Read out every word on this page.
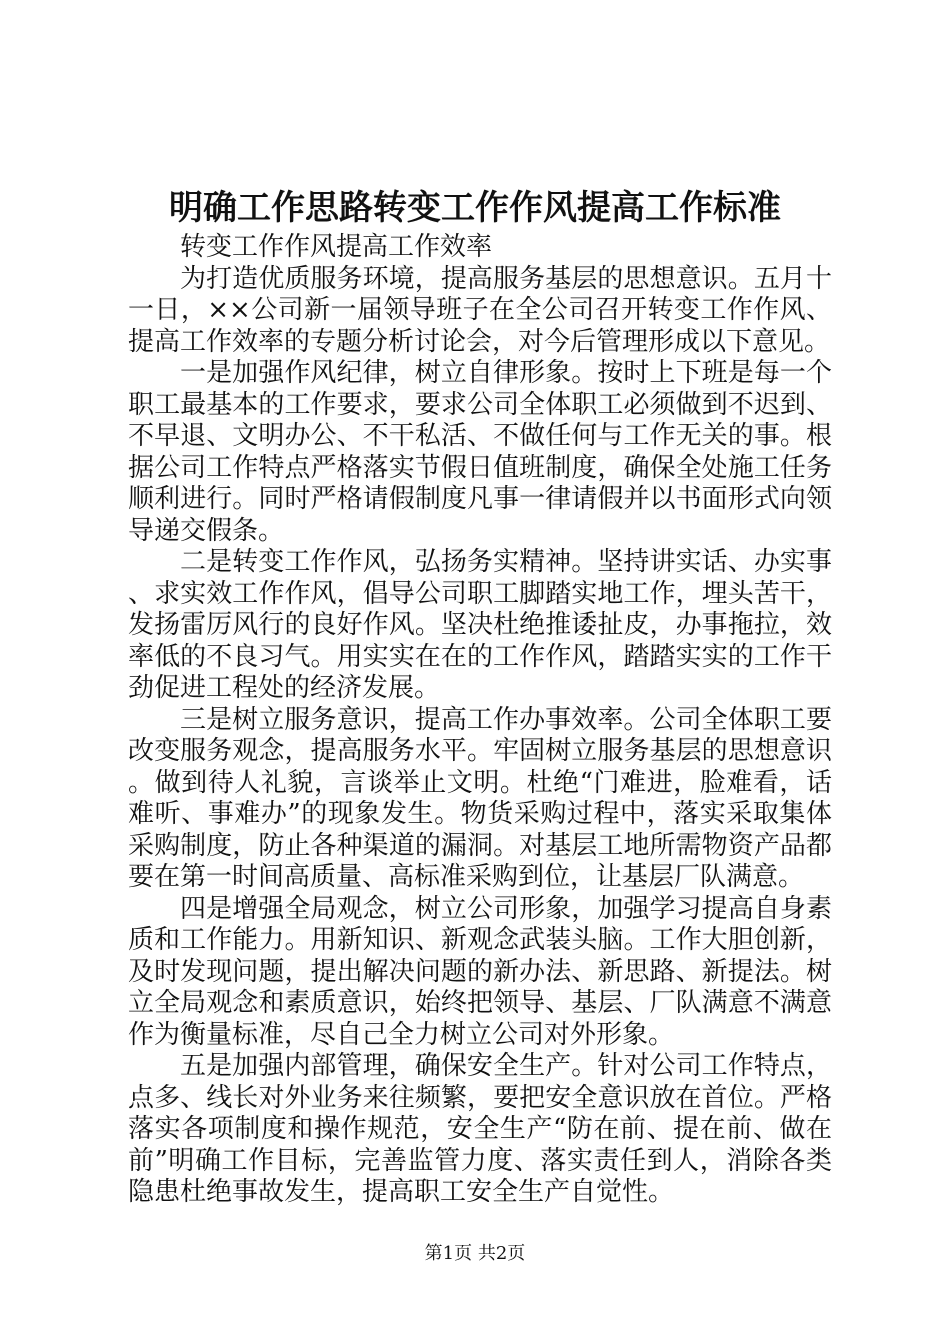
明确工作思路转变工作作风提高工作标准

转变工作作风提高工作效率

为打造优质服务环境，提高服务基层的思想意识。五月十一日，××公司新一届领导班子在全公司召开转变工作作风、提高工作效率的专题分析讨论会，对今后管理形成以下意见。

一是加强作风纪律，树立自律形象。按时上下班是每一个职工最基本的工作要求，要求公司全体职工必须做到不迟到、不早退、文明办公、不干私活、不做任何与工作无关的事。根据公司工作特点严格落实节假日值班制度，确保全处施工任务顺利进行。同时严格请假制度凡事一律请假并以书面形式向领导递交假条。

二是转变工作作风，弘扬务实精神。坚持讲实话、办实事、求实效工作作风，倡导公司职工脚踏实地工作，埋头苦干，发扬雷厉风行的良好作风。坚决杜绝推诿扯皮，办事拖拉，效率低的不良习气。用实实在在的工作作风，踏踏实实的工作干劲促进工程处的经济发展。

三是树立服务意识，提高工作办事效率。公司全体职工要改变服务观念，提高服务水平。牢固树立服务基层的思想意识。做到待人礼貌，言谈举止文明。杜绝“门难进，脸难看，话难听、事难办”的现象发生。物货采购过程中，落实采取集体采购制度，防止各种渠道的漏洞。对基层工地所需物资产品都要在第一时间高质量、高标准采购到位，让基层厂队满意。

四是增强全局观念，树立公司形象，加强学习提高自身素质和工作能力。用新知识、新观念武装头脑。工作大胆创新，及时发现问题，提出解决问题的新办法、新思路、新提法。树立全局观念和素质意识，始终把领导、基层、厂队满意不满意作为衡量标准，尽自己全力树立公司对外形象。

五是加强内部管理，确保安全生产。针对公司工作特点，点多、线长对外业务来往频繁，要把安全意识放在首位。严格落实各项制度和操作规范，安全生产“防在前、提在前、做在前”明确工作目标，完善监管力度、落实责任到人，消除各类隐患杜绝事故发生，提高职工安全生产自觉性。

第1页 共2页
